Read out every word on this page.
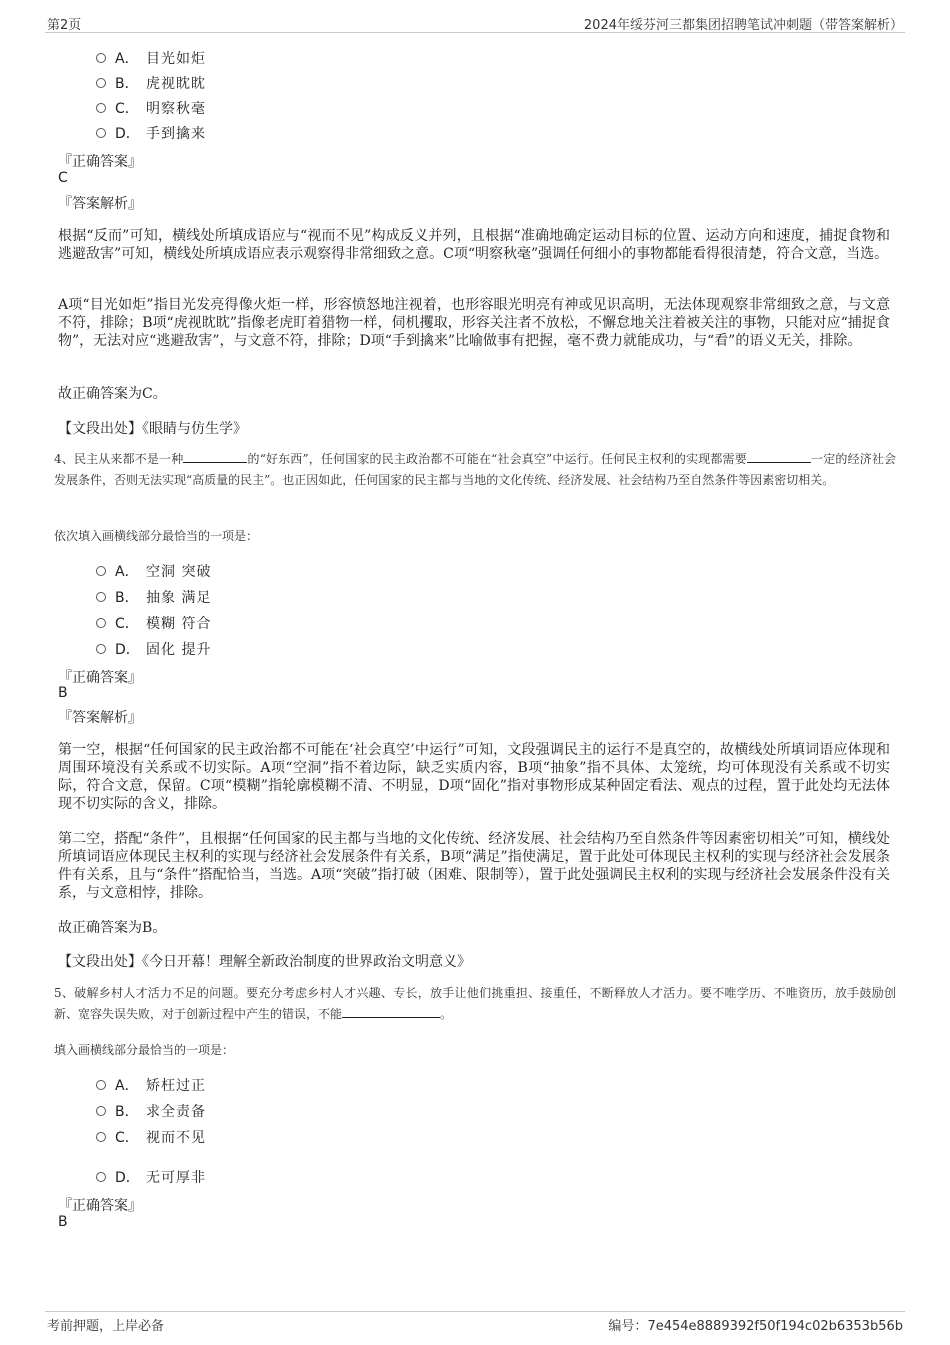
第2页	2024年绥芬河三都集团招聘笔试冲刺题（带答案解析）
A． 目光如炬
B． 虎视眈眈
C． 明察秋毫
D． 手到擒来
『正确答案』
C
『答案解析』
根据“反而”可知，横线处所填成语应与“视而不见”构成反义并列，且根据“准确地确定运动目标的位置、运动方向和速度，捕捉食物和逃避敌害”可知，横线处所填成语应表示观察得非常细致之意。C项“明察秋毫”强调任何细小的事物都能看得很清楚，符合文意，当选。
A项“目光如炬”指目光发亮得像火炬一样，形容愤怒地注视着，也形容眼光明亮有神或见识高明，无法体现观察非常细致之意，与文意不符，排除；B项“虎视眈眈”指像老虎盯着猎物一样，伺机攫取，形容关注者不放松，不懈怠地关注着被关注的事物，只能对应“捕捉食物”，无法对应“逃避敌害”，与文意不符，排除；D项“手到擒来”比喻做事有把握，毫不费力就能成功，与“看”的语义无关，排除。
故正确答案为C。
【文段出处】《眼睛与仿生学》
4、民主从来都不是一种	的“好东西”，任何国家的民主政治都不可能在“社会真空”中运行。任何民主权利的实现都需要	一定的经济社会发展条件，否则无法实现“高质量的民主”。也正因如此，任何国家的民主都与当地的文化传统、经济发展、社会结构乃至自然条件等因素密切相关。
依次填入画横线部分最恰当的一项是：
A． 空洞 突破
B． 抽象 满足
C． 模糊 符合
D． 固化 提升
『正确答案』
B
『答案解析』
第一空，根据“任何国家的民主政治都不可能在‘社会真空’中运行”可知，文段强调民主的运行不是真空的，故横线处所填词语应体现和周围环境没有关系或不切实际。A项“空洞”指不着边际，缺乏实质内容，B项“抽象”指不具体、太笼统，均可体现没有关系或不切实际，符合文意，保留。C项“模糊”指轮廓模糊不清、不明显，D项“固化”指对事物形成某种固定看法、观点的过程，置于此处均无法体现不切实际的含义，排除。
第二空，搭配“条件”，且根据“任何国家的民主都与当地的文化传统、经济发展、社会结构乃至自然条件等因素密切相关”可知，横线处所填词语应体现民主权利的实现与经济社会发展条件有关系，B项“满足”指使满足，置于此处可体现民主权利的实现与经济社会发展条件有关系，且与“条件”搭配恰当，当选。A项“突破”指打破（困难、限制等），置于此处强调民主权利的实现与经济社会发展条件没有关系，与文意相悖，排除。
故正确答案为B。
【文段出处】《今日开幕！理解全新政治制度的世界政治文明意义》
5、破解乡村人才活力不足的问题。要充分考虑乡村人才兴趣、专长，放手让他们挑重担、接重任，不断释放人才活力。要不唯学历、不唯资历，放手鼓励创新、宽容失误失败，对于创新过程中产生的错误，不能	。
填入画横线部分最恰当的一项是：
A． 矫枉过正
B． 求全责备
C． 视而不见
D． 无可厚非
『正确答案』
B
考前押题，上岸必备	编号：7e454e8889392f50f194c02b6353b56b
